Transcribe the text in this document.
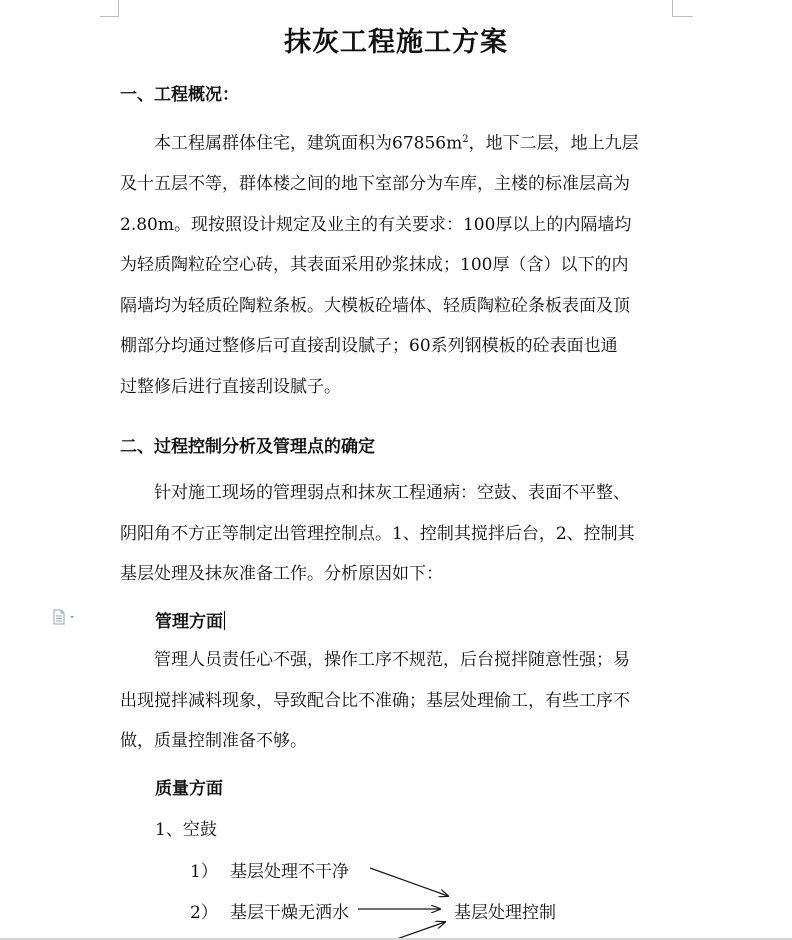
抹灰工程施工方案
一、工程概况：
本工程属群体住宅，建筑面积为$67856m^2$，地下二层，地上九层
及十五层不等，群体楼之间的地下室部分为车库，主楼的标准层高为
2.80m。现按照设计规定及业主的有关要求：100厚以上的内隔墙均
为轻质陶粒砼空心砖，其表面采用砂浆抹成；100厚（含）以下的内
隔墙均为轻质砼陶粒条板。大模板砼墙体、轻质陶粒砼条板表面及顶
棚部分均通过整修后可直接刮设腻子；60系列钢模板的砼表面也通
过整修后进行直接刮设腻子。
二、过程控制分析及管理点的确定
针对施工现场的管理弱点和抹灰工程通病：空鼓、表面不平整、
阴阳角不方正等制定出管理控制点。1、控制其搅拌后台，2、控制其
基层处理及抹灰准备工作。分析原因如下：
管理方面
管理人员责任心不强，操作工序不规范，后台搅拌随意性强；易
出现搅拌减料现象，导致配合比不准确；基层处理偷工，有些工序不
做，质量控制准备不够。
质量方面
1、空鼓
1） 基层处理不干净
2） 基层干燥无洒水	基层处理控制
